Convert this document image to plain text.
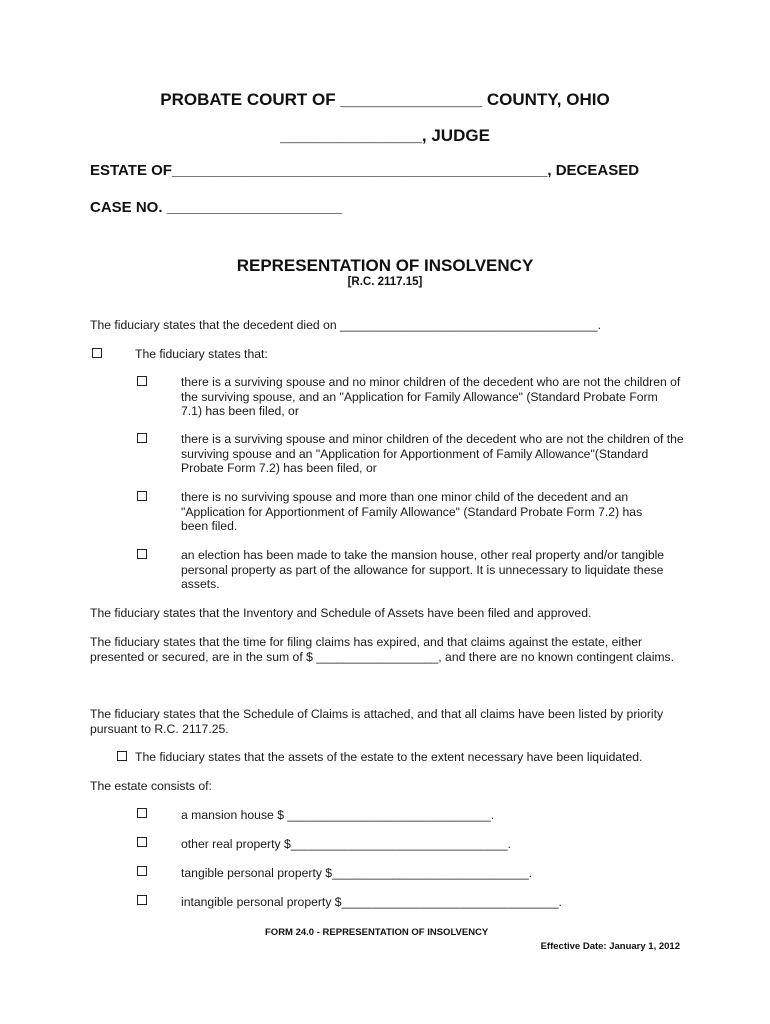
PROBATE COURT OF _______________ COUNTY, OHIO

_______________, JUDGE

ESTATE OF _____________________________________________ , DECEASED

CASE NO. _____________________

REPRESENTATION OF INSOLVENCY

[R.C. 2117.15]

The fiduciary states that the decedent died on ______________________________________.

The fiduciary states that:

there is a surviving spouse and no minor children of the decedent who are not the children of the surviving spouse, and an "Application for Family Allowance" (Standard Probate Form 7.1) has been filed, or

there is a surviving spouse and minor children of the decedent who are not the children of the surviving spouse and an "Application for Apportionment of Family Allowance"(Standard Probate Form 7.2) has been filed, or

there is no surviving spouse and more than one minor child of the decedent and an "Application for Apportionment of Family Allowance" (Standard Probate Form 7.2) has been filed.

an election has been made to take the mansion house, other real property and/or tangible personal property as part of the allowance for support. It is unnecessary to liquidate these assets.

The fiduciary states that the Inventory and Schedule of Assets have been filed and approved.

The fiduciary states that the time for filing claims has expired, and that claims against the estate, either presented or secured, are in the sum of $ __________________, and there are no known contingent claims.

The fiduciary states that the Schedule of Claims is attached, and that all claims have been listed by priority pursuant to R.C. 2117.25.

The fiduciary states that the assets of the estate to the extent necessary have been liquidated.

The estate consists of:

a mansion house $ ______________________________.

other real property $________________________________.

tangible personal property $_____________________________.

intangible personal property $________________________________.

FORM 24.0 - REPRESENTATION OF INSOLVENCY

Effective Date: January 1, 2012
